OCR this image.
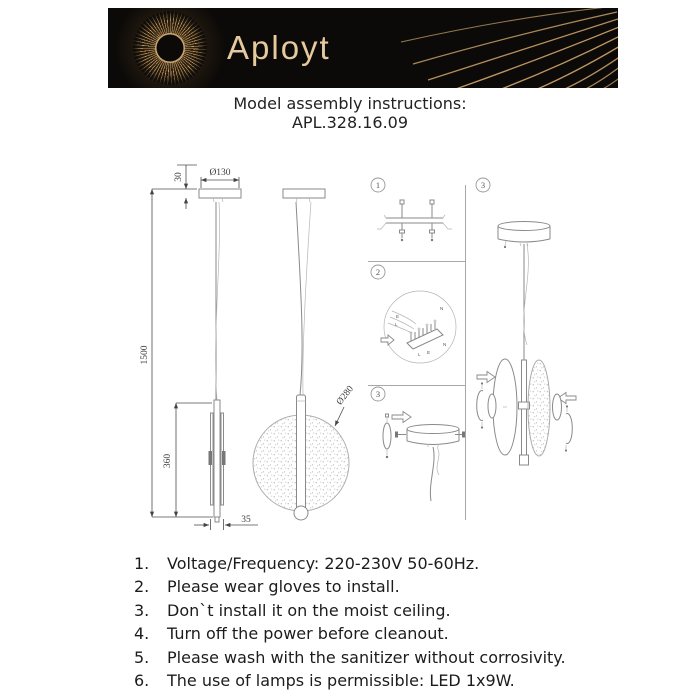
Aployt
Model assembly instructions:
APL.328.16.09
30	Ø130
1500
360
35
Ø280
1
2
E
L
N
L E
N
3
3
1.	Voltage/Frequency: 220-230V 50-60Hz.
2.	Please wear gloves to install.
3.	Don`t install it on the moist ceiling.
4.	Turn off the power before cleanout.
5.	Please wash with the sanitizer without corrosivity.
6.	The use of lamps is permissible: LED 1x9W.
